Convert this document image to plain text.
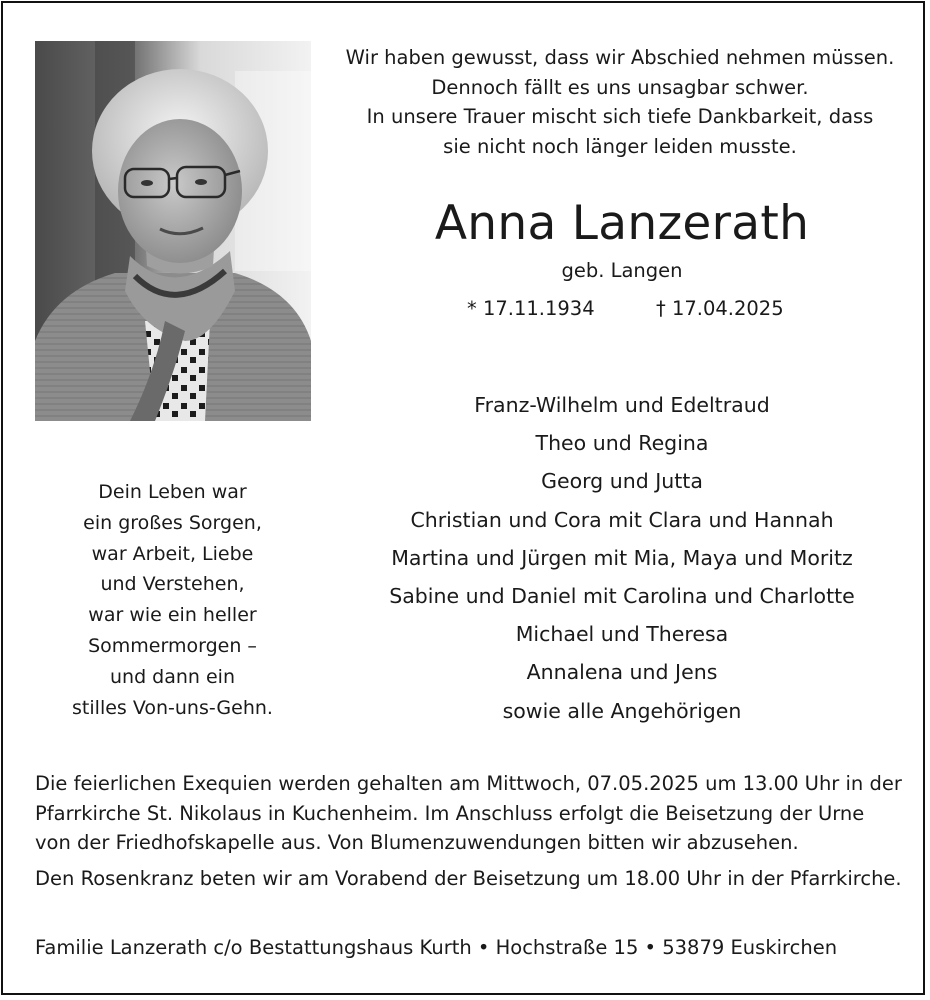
Wir haben gewusst, dass wir Abschied nehmen müssen.
Dennoch fällt es uns unsagbar schwer.
In unsere Trauer mischt sich tiefe Dankbarkeit, dass
sie nicht noch länger leiden musste.
Anna Lanzerath
geb. Langen
* 17.11.1934	† 17.04.2025
Dein Leben war
ein großes Sorgen,
war Arbeit, Liebe
und Verstehen,
war wie ein heller
Sommermorgen –
und dann ein
stilles Von-uns-Gehn.
Franz-Wilhelm und Edeltraud
Theo und Regina
Georg und Jutta
Christian und Cora mit Clara und Hannah
Martina und Jürgen mit Mia, Maya und Moritz
Sabine und Daniel mit Carolina und Charlotte
Michael und Theresa
Annalena und Jens
sowie alle Angehörigen
Die feierlichen Exequien werden gehalten am Mittwoch, 07.05.2025 um 13.00 Uhr in der
Pfarrkirche St. Nikolaus in Kuchenheim. Im Anschluss erfolgt die Beisetzung der Urne
von der Friedhofskapelle aus. Von Blumenzuwendungen bitten wir abzusehen.
Den Rosenkranz beten wir am Vorabend der Beisetzung um 18.00 Uhr in der Pfarrkirche.
Familie Lanzerath c/o Bestattungshaus Kurth • Hochstraße 15 • 53879 Euskirchen
